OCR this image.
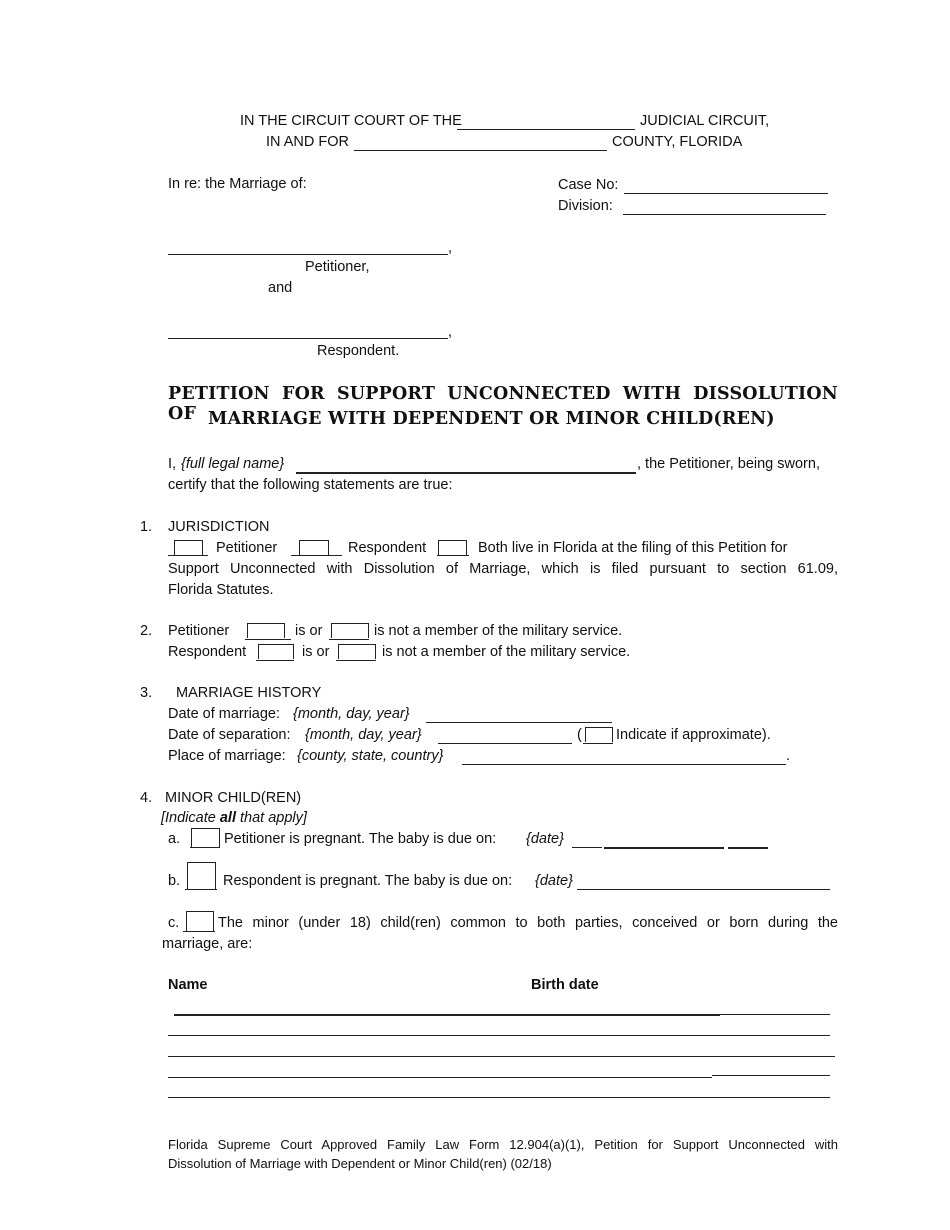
IN THE CIRCUIT COURT OF THE	JUDICIAL CIRCUIT,
IN AND FOR	COUNTY, FLORIDA
In re: the Marriage of:	Case No:
Division:
,
Petitioner,
and
,
Respondent.
PETITION FOR SUPPORT UNCONNECTED WITH DISSOLUTION OF MARRIAGE WITH DEPENDENT OR MINOR CHILD(REN)
I, {full legal name}	, the Petitioner, being sworn,
certify that the following statements are true:
1. JURISDICTION
Petitioner	Respondent	Both live in Florida at the filing of this Petition for
Support Unconnected with Dissolution of Marriage, which is filed pursuant to section 61.09,
Florida Statutes.
2. Petitioner	is or	is not a member of the military service.
Respondent	is or	is not a member of the military service.
3. MARRIAGE HISTORY
Date of marriage: {month, day, year}
Date of separation: {month, day, year}	( Indicate if approximate).
Place of marriage: {county, state, country}	.
4. MINOR CHILD(REN)
[Indicate all that apply]
a.	Petitioner is pregnant. The baby is due on: {date}
b.	Respondent is pregnant. The baby is due on: {date}
c.	The minor (under 18) child(ren) common to both parties, conceived or born during the
marriage, are:
Name	Birth date
Florida Supreme Court Approved Family Law Form 12.904(a)(1), Petition for Support Unconnected with
Dissolution of Marriage with Dependent or Minor Child(ren) (02/18)
